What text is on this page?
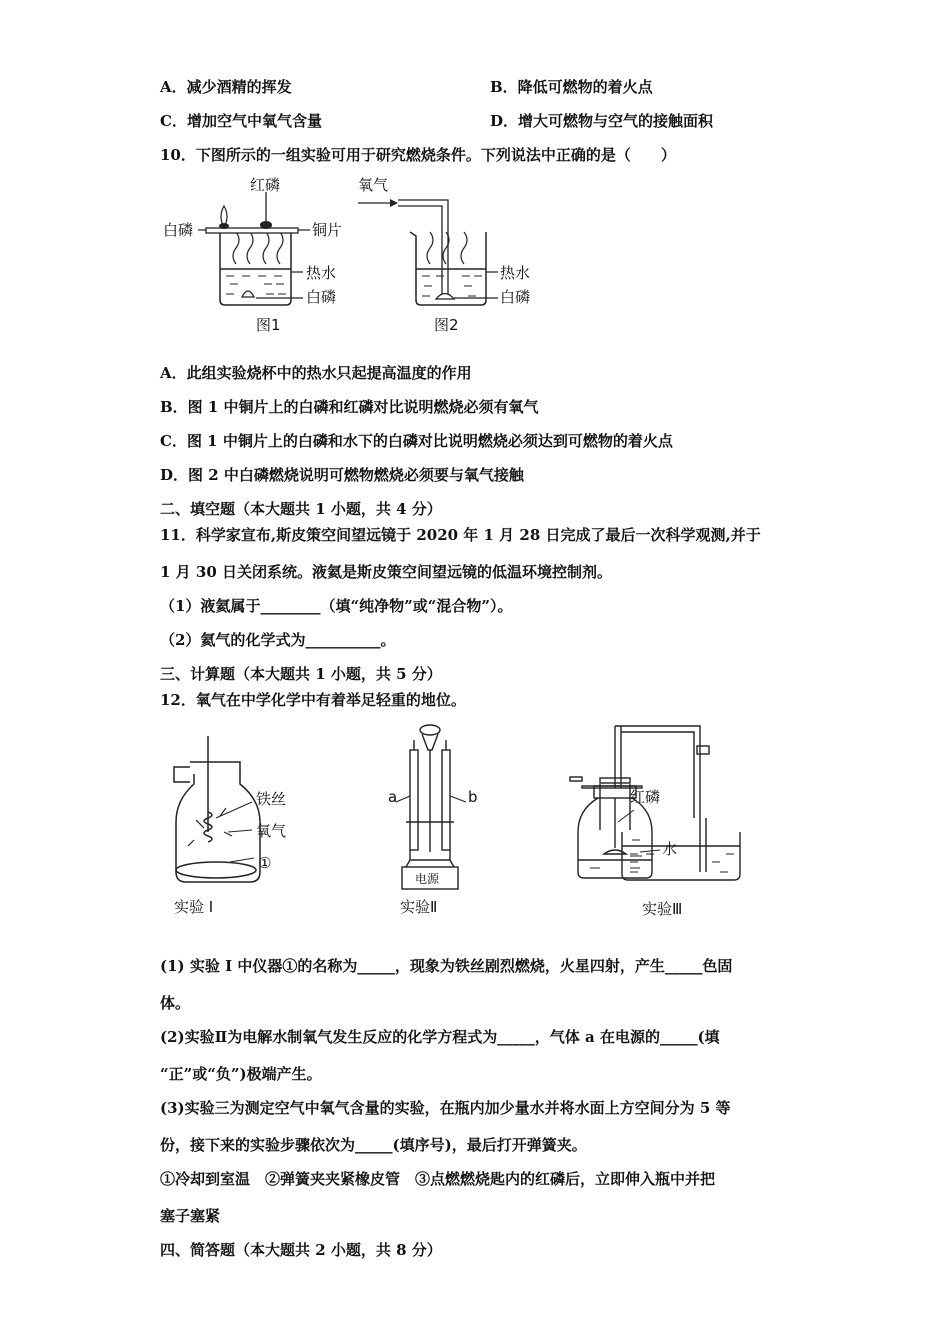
A．减少酒精的挥发	B．降低可燃物的着火点
C．增加空气中氧气含量	D．增大可燃物与空气的接触面积
10．下图所示的一组实验可用于研究燃烧条件。下列说法中正确的是（　　）
红磷
白磷	铜片
热水
白磷
图1
氧气
热水
白磷
图2
A．此组实验烧杯中的热水只起提高温度的作用
B．图 1 中铜片上的白磷和红磷对比说明燃烧必须有氧气
C．图 1 中铜片上的白磷和水下的白磷对比说明燃烧必须达到可燃物的着火点
D．图 2 中白磷燃烧说明可燃物燃烧必须要与氧气接触
二、填空题（本大题共 1 小题，共 4 分）
11．科学家宣布,斯皮策空间望远镜于 2020 年 1 月 28 日完成了最后一次科学观测,并于
1 月 30 日关闭系统。液氦是斯皮策空间望远镜的低温环境控制剂。
（1）液氦属于________（填“纯净物”或“混合物”）。
（2）氦气的化学式为__________。
三、计算题（本大题共 1 小题，共 5 分）
12．氧气在中学化学中有着举足轻重的地位。
铁丝
氧气
①
实验 I
a	b
电源
实验Ⅱ
红磷
水
实验Ⅲ
(1) 实验 I 中仪器①的名称为_____，现象为铁丝剧烈燃烧，火星四射，产生_____色固
体。
(2)实验Ⅱ为电解水制氧气发生反应的化学方程式为_____，气体 a 在电源的_____(填
“正”或“负”)极端产生。
(3)实验三为测定空气中氧气含量的实验，在瓶内加少量水并将水面上方空间分为 5 等
份，接下来的实验步骤依次为_____(填序号)，最后打开弹簧夹。
①冷却到室温　②弹簧夹夹紧橡皮管　③点燃燃烧匙内的红磷后，立即伸入瓶中并把
塞子塞紧
四、简答题（本大题共 2 小题，共 8 分）
